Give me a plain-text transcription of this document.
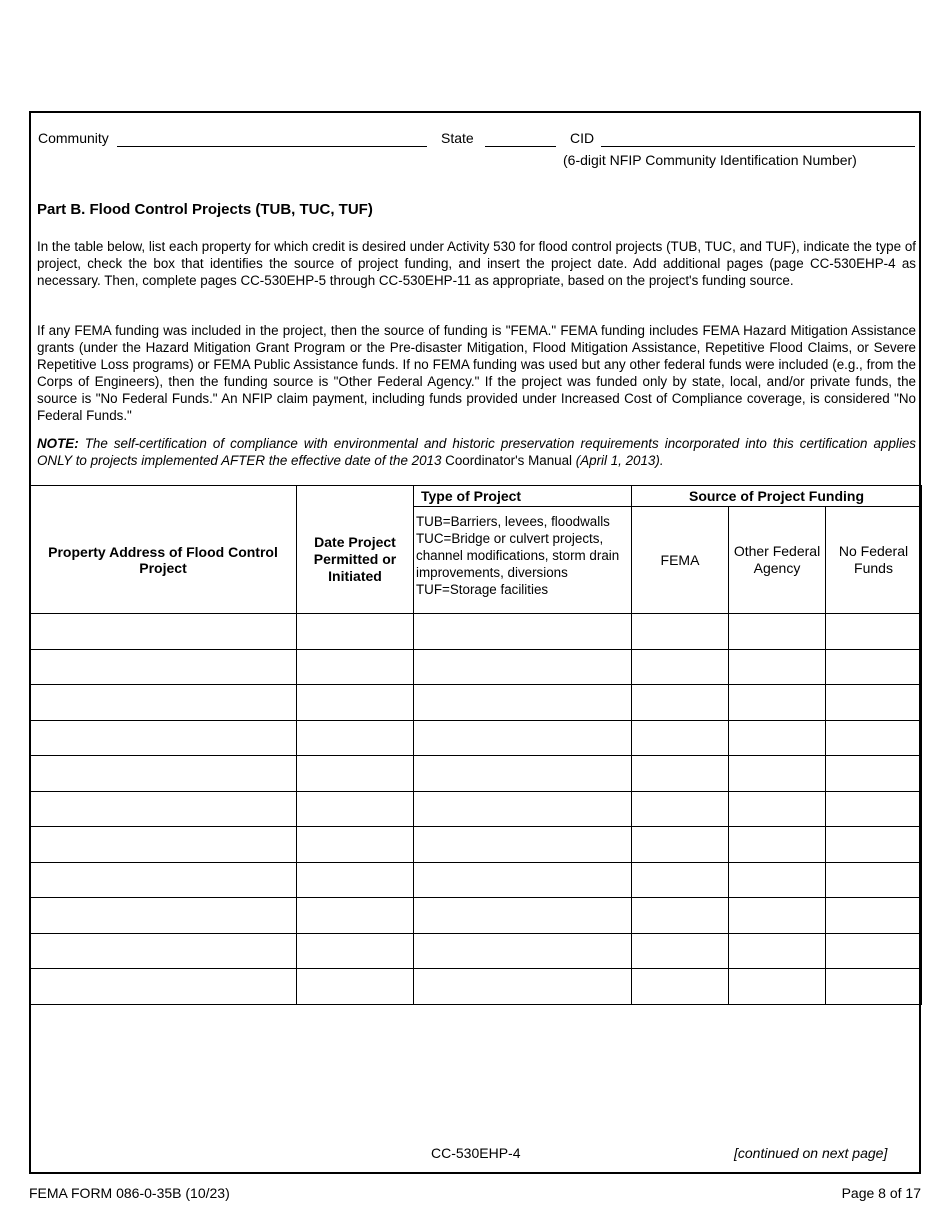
Community	State	CID
(6-digit NFIP Community Identification Number)
Part B. Flood Control Projects (TUB, TUC, TUF)

In the table below, list each property for which credit is desired under Activity 530 for flood control projects (TUB, TUC, and TUF), indicate the type of project, check the box that identifies the source of project funding, and insert the project date. Add additional pages (page CC-530EHP-4 as necessary. Then, complete pages CC-530EHP-5 through CC-530EHP-11 as appropriate, based on the project's funding source.

If any FEMA funding was included in the project, then the source of funding is "FEMA." FEMA funding includes FEMA Hazard Mitigation Assistance grants (under the Hazard Mitigation Grant Program or the Pre-disaster Mitigation, Flood Mitigation Assistance, Repetitive Flood Claims, or Severe Repetitive Loss programs) or FEMA Public Assistance funds. If no FEMA funding was used but any other federal funds were included (e.g., from the Corps of Engineers), then the funding source is "Other Federal Agency." If the project was funded only by state, local, and/or private funds, the source is "No Federal Funds." An NFIP claim payment, including funds provided under Increased Cost of Compliance coverage, is considered "No Federal Funds."

NOTE: The self-certification of compliance with environmental and historic preservation requirements incorporated into this certification applies ONLY to projects implemented AFTER the effective date of the 2013 Coordinator's Manual (April 1, 2013).

		Type of Project	Source of Project Funding		
Property Address of Flood Control Project	Date Project Permitted or Initiated	TUB=Barriers, levees, floodwalls
TUC=Bridge or culvert projects,
channel modifications, storm drain
improvements, diversions
TUF=Storage facilities	FEMA	Other Federal Agency	No Federal Funds

CC-530EHP-4	[continued on next page]
FEMA FORM 086-0-35B (10/23)	Page 8 of 17
